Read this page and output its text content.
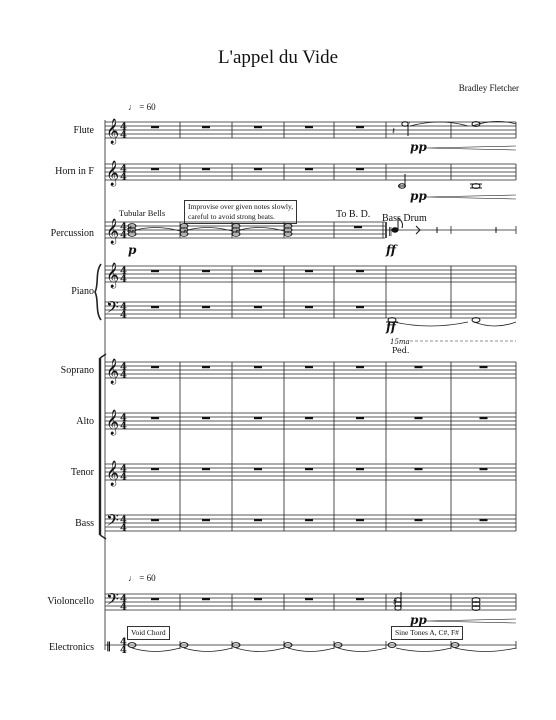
L'appel du Vide
Bradley Fletcher
Flute
Horn in F
Percussion
Piano
Soprano
Alto
Tenor
Bass
Violoncello
Electronics
♩ = 60
♩ = 60
Tubular Bells
Improvise over given notes slowly,
careful to avoid strong beats.	To B. D. Bass Drum
Void Chord	Sine Tones A, C#, F#
15ma
Ped.
pp
pp
p	ff
ff
pp
𝄞
𝄞
𝄞
𝄞
𝄢
𝄞
𝄞
𝄞
𝄢
𝄢
‖
‖
4
4
4
4
4
4
4
4
4
4
4
4
4
4
4
4
4
4
4
4
4
4
𝄽
·
♯
#
